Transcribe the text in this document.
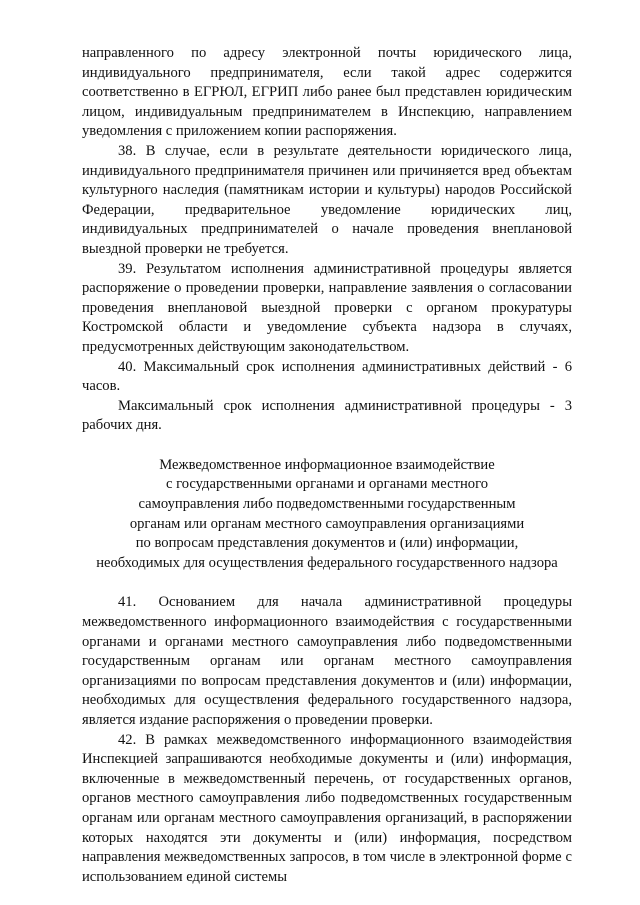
направленного по адресу электронной почты юридического лица, индивидуального предпринимателя, если такой адрес содержится соответственно в ЕГРЮЛ, ЕГРИП либо ранее был представлен юридическим лицом, индивидуальным предпринимателем в Инспекцию, направлением уведомления с приложением копии распоряжения.

38. В случае, если в результате деятельности юридического лица, индивидуального предпринимателя причинен или причиняется вред объектам культурного наследия (памятникам истории и культуры) народов Российской Федерации, предварительное уведомление юридических лиц, индивидуальных предпринимателей о начале проведения внеплановой выездной проверки не требуется.

39. Результатом исполнения административной процедуры является распоряжение о проведении проверки, направление заявления о согласовании проведения внеплановой выездной проверки с органом прокуратуры Костромской области и уведомление субъекта надзора в случаях, предусмотренных действующим законодательством.

40. Максимальный срок исполнения административных действий - 6 часов.

Максимальный срок исполнения административной процедуры - 3 рабочих дня.

Межведомственное информационное взаимодействие
с государственными органами и органами местного
самоуправления либо подведомственными государственным
органам или органам местного самоуправления организациями
по вопросам представления документов и (или) информации,
необходимых для осуществления федерального государственного надзора

41. Основанием для начала административной процедуры межведомственного информационного взаимодействия с государственными органами и органами местного самоуправления либо подведомственными государственным органам или органам местного самоуправления организациями по вопросам представления документов и (или) информации, необходимых для осуществления федерального государственного надзора, является издание распоряжения о проведении проверки.

42. В рамках межведомственного информационного взаимодействия Инспекцией запрашиваются необходимые документы и (или) информация, включенные в межведомственный перечень, от государственных органов, органов местного самоуправления либо подведомственных государственным органам или органам местного самоуправления организаций, в распоряжении которых находятся эти документы и (или) информация, посредством направления межведомственных запросов, в том числе в электронной форме с использованием единой системы
